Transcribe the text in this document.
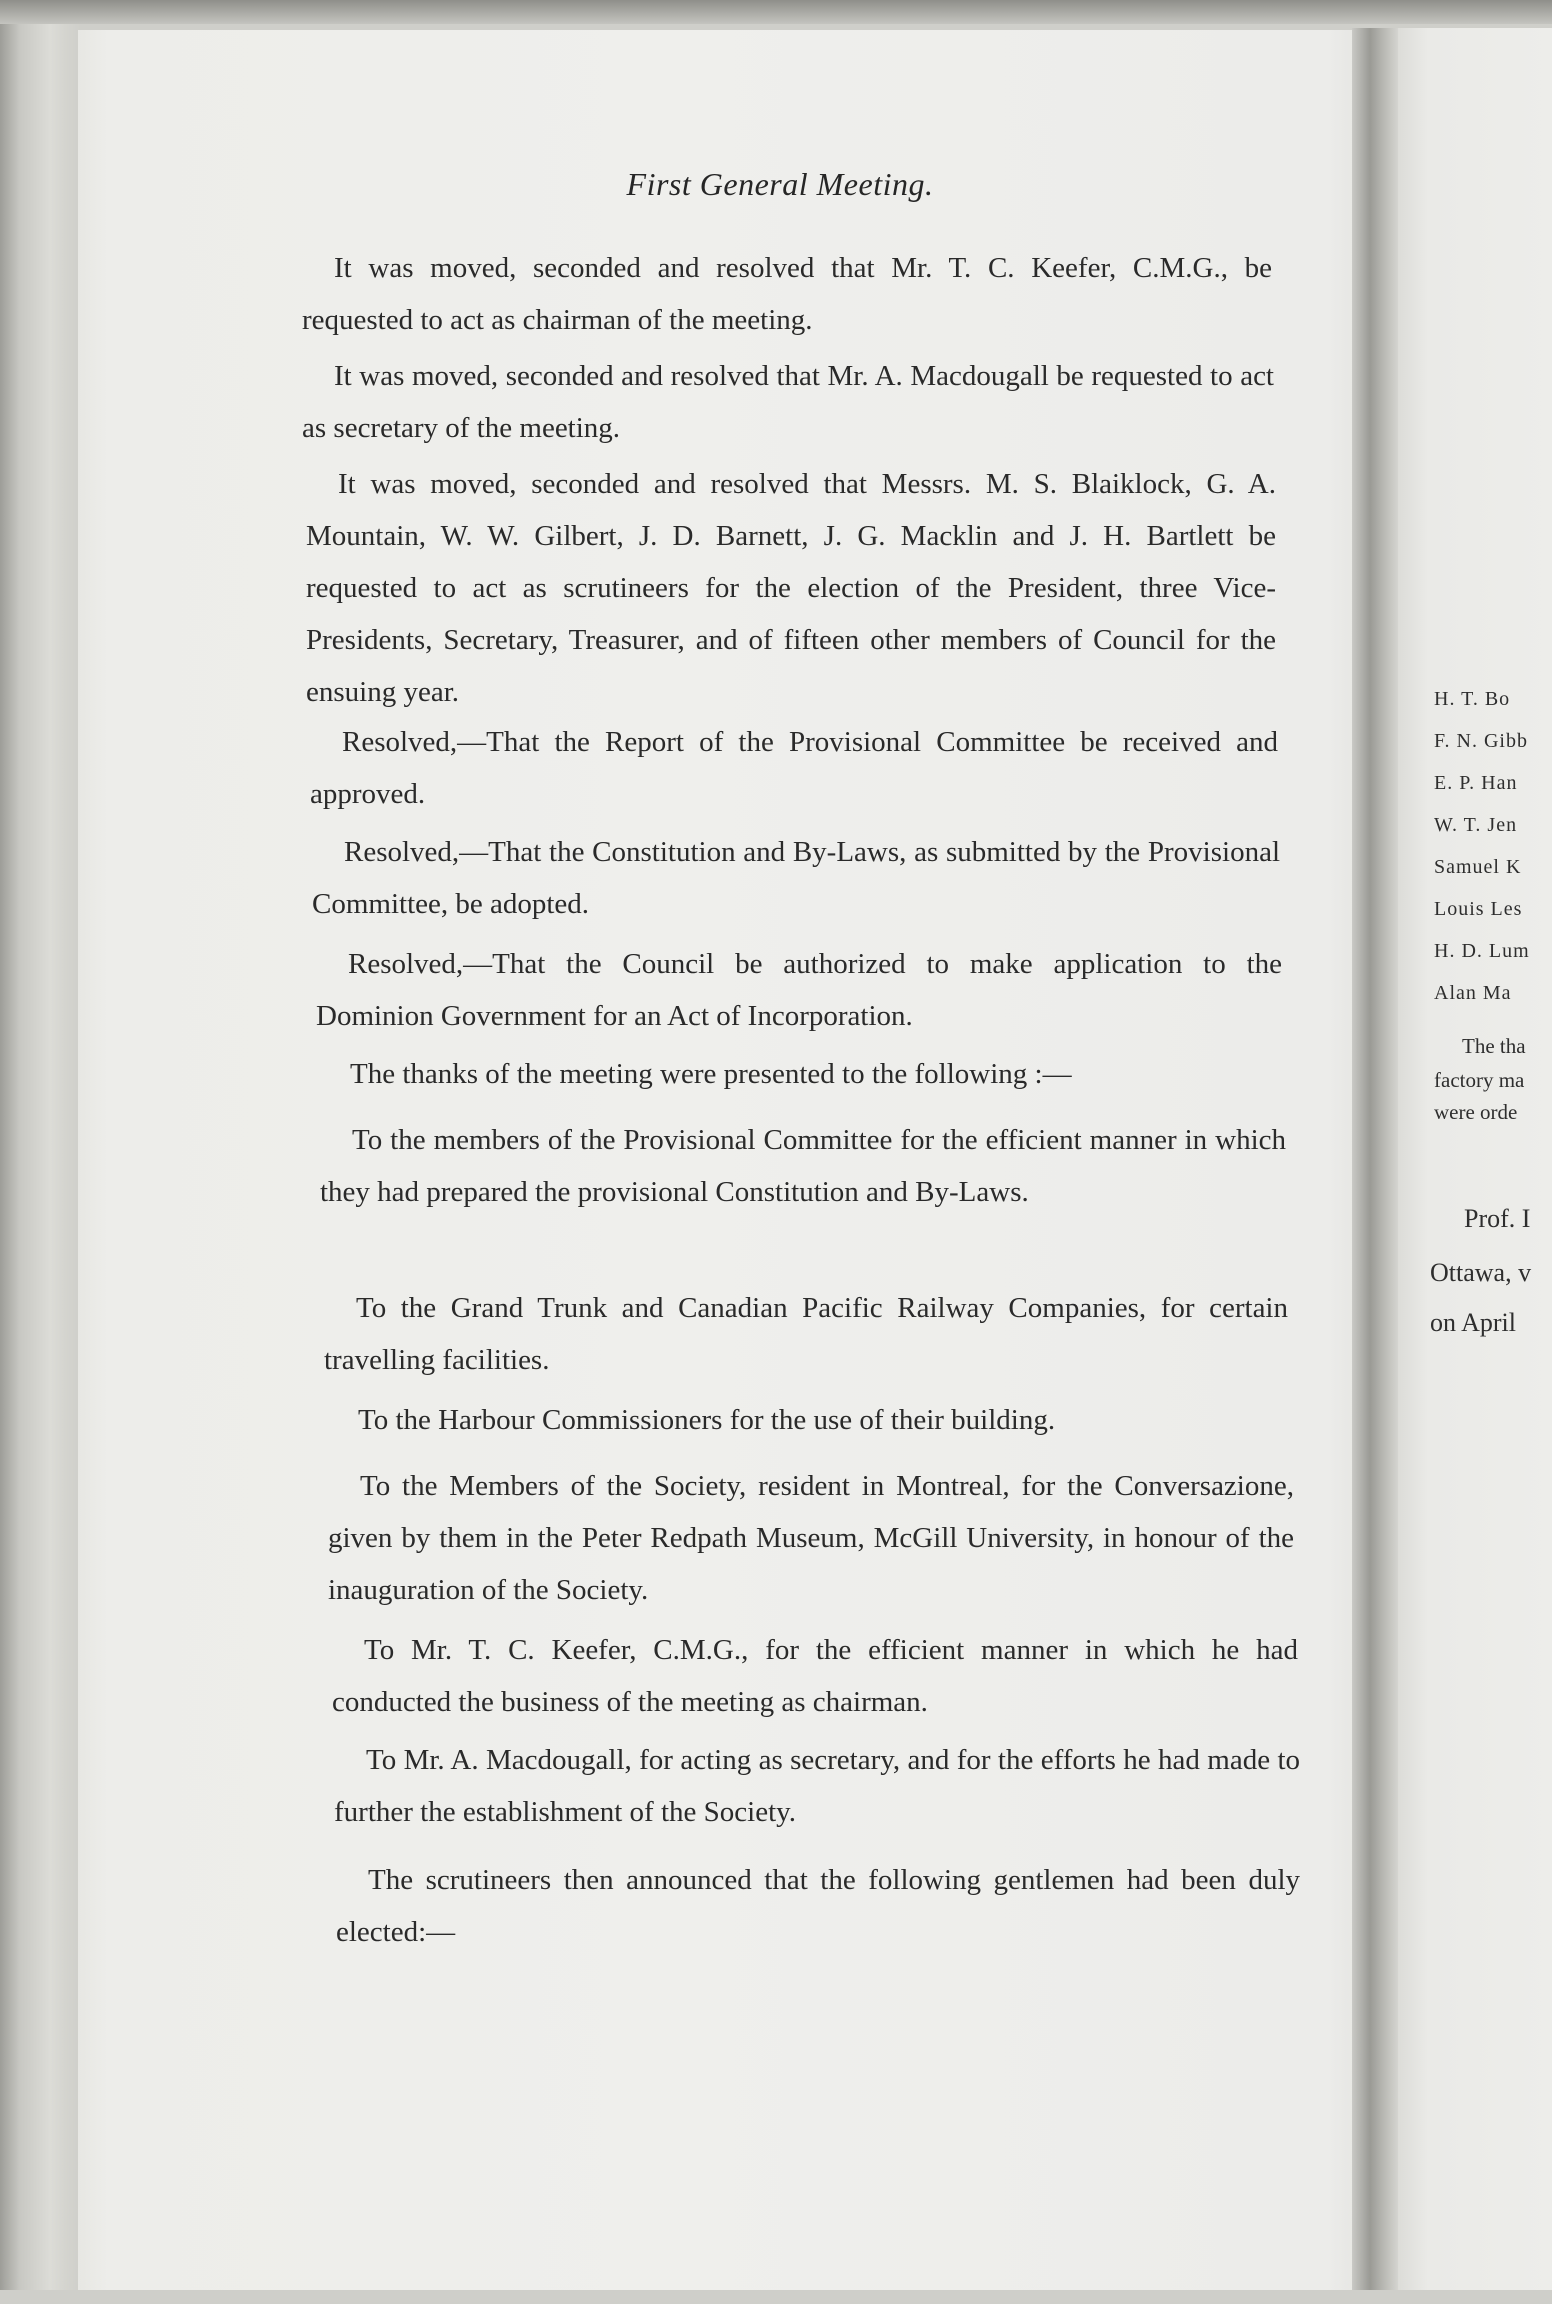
First General Meeting.

It was moved, seconded and resolved that Mr. T. C. Keefer, C.M.G., be requested to act as chairman of the meeting.

It was moved, seconded and resolved that Mr. A. Macdougall be requested to act as secretary of the meeting.

It was moved, seconded and resolved that Messrs. M. S. Blaiklock, G. A. Mountain, W. W. Gilbert, J. D. Barnett, J. G. Macklin and J. H. Bartlett be requested to act as scrutineers for the election of the President, three Vice-Presidents, Secretary, Treasurer, and of fifteen other members of Council for the ensuing year.

Resolved,—That the Report of the Provisional Committee be received and approved.

Resolved,—That the Constitution and By-Laws, as submitted by the Provisional Committee, be adopted.

Resolved,—That the Council be authorized to make application to the Dominion Government for an Act of Incorporation.

The thanks of the meeting were presented to the following :—

To the members of the Provisional Committee for the efficient manner in which they had prepared the provisional Constitution and By-Laws.

To the Grand Trunk and Canadian Pacific Railway Companies, for certain travelling facilities.

To the Harbour Commissioners for the use of their building.

To the Members of the Society, resident in Montreal, for the Conversazione, given by them in the Peter Redpath Museum, McGill University, in honour of the inauguration of the Society.

To Mr. T. C. Keefer, C.M.G., for the efficient manner in which he had conducted the business of the meeting as chairman.

To Mr. A. Macdougall, for acting as secretary, and for the efforts he had made to further the establishment of the Society.

The scrutineers then announced that the following gentlemen had been duly elected:—

H. T. Bo
F. N. Gibb
E. P. Han
W. T. Jen
Samuel K
Louis Les
H. D. Lum
Alan Ma
The tha
factory ma
were orde
Prof. I
Ottawa, v
on April
